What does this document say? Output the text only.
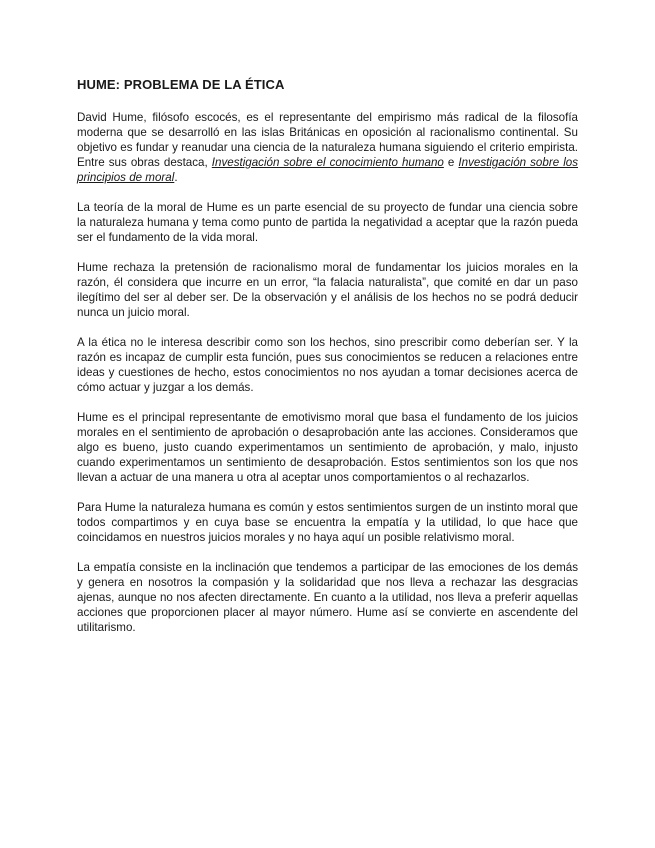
HUME: PROBLEMA DE LA ÉTICA

David Hume, filósofo escocés, es el representante del empirismo más radical de la filosofía moderna que se desarrolló en las islas Británicas en oposición al racionalismo continental. Su objetivo es fundar y reanudar una ciencia de la naturaleza humana siguiendo el criterio empirista. Entre sus obras destaca, Investigación sobre el conocimiento humano e Investigación sobre los principios de moral.

La teoría de la moral de Hume es un parte esencial de su proyecto de fundar una ciencia sobre la naturaleza humana y tema como punto de partida la negatividad a aceptar que la razón pueda ser el fundamento de la vida moral.

Hume rechaza la pretensión de racionalismo moral de fundamentar los juicios morales en la razón, él considera que incurre en un error, “la falacia naturalista”, que comité en dar un paso ilegítimo del ser al deber ser. De la observación y el análisis de los hechos no se podrá deducir nunca un juicio moral.

A la ética no le interesa describir como son los hechos, sino prescribir como deberían ser. Y la razón es incapaz de cumplir esta función, pues sus conocimientos se reducen a relaciones entre ideas y cuestiones de hecho, estos conocimientos no nos ayudan a tomar decisiones acerca de cómo actuar y juzgar a los demás.

Hume es el principal representante de emotivismo moral que basa el fundamento de los juicios morales en el sentimiento de aprobación o desaprobación ante las acciones. Consideramos que algo es bueno, justo cuando experimentamos un sentimiento de aprobación, y malo, injusto cuando experimentamos un sentimiento de desaprobación. Estos sentimientos son los que nos llevan a actuar de una manera u otra al aceptar unos comportamientos o al rechazarlos.

Para Hume la naturaleza humana es común y estos sentimientos surgen de un instinto moral que todos compartimos y en cuya base se encuentra la empatía y la utilidad, lo que hace que coincidamos en nuestros juicios morales y no haya aquí un posible relativismo moral.

La empatía consiste en la inclinación que tendemos a participar de las emociones de los demás y genera en nosotros la compasión y la solidaridad que nos lleva a rechazar las desgracias ajenas, aunque no nos afecten directamente. En cuanto a la utilidad, nos lleva a preferir aquellas acciones que proporcionen placer al mayor número. Hume así se convierte en ascendente del utilitarismo.
